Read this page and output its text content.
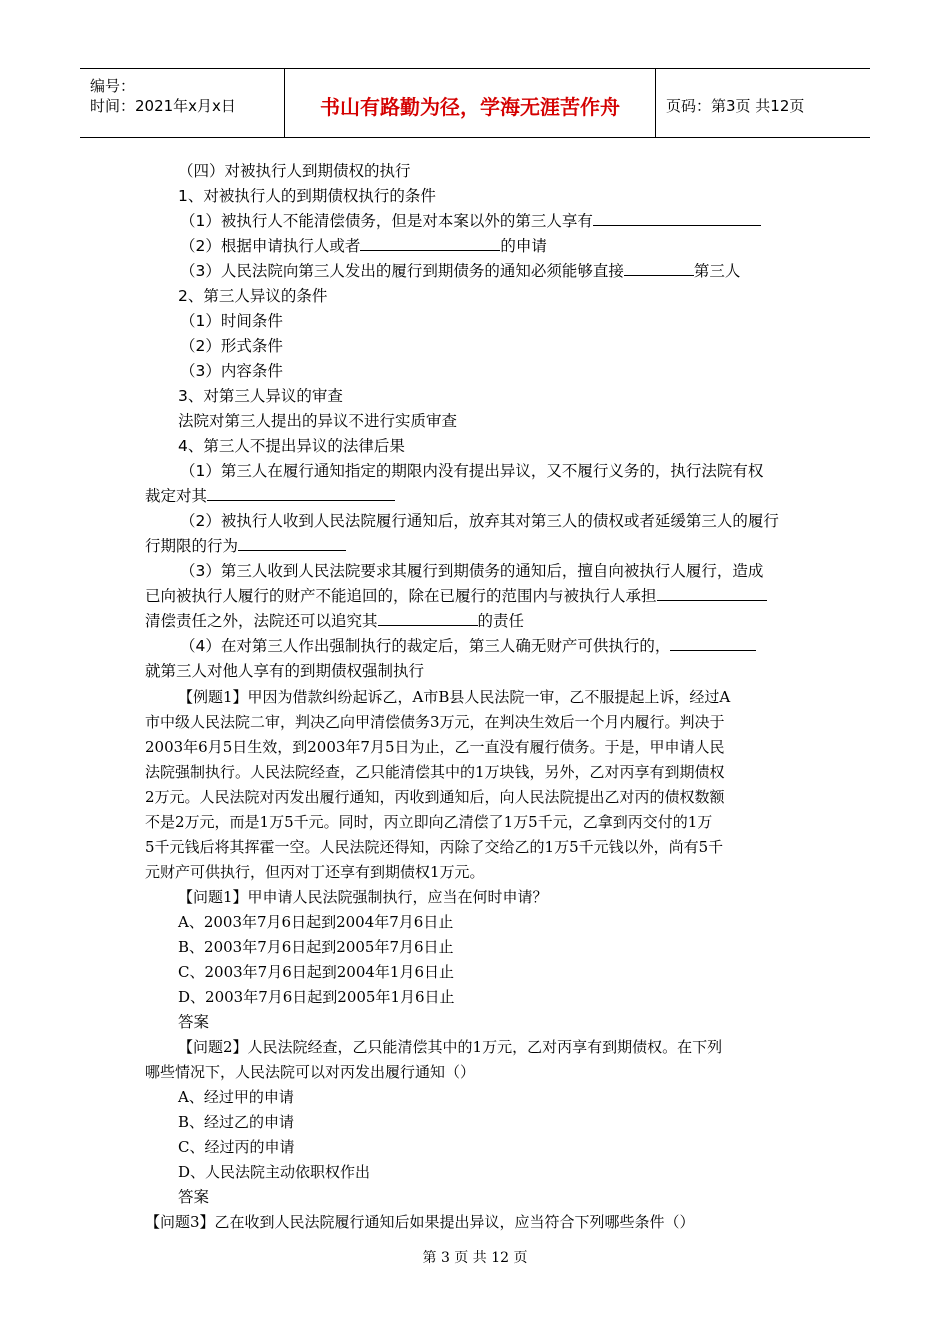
编号：
时间：2021年x月x日	书山有路勤为径，学海无涯苦作舟	页码：第3页 共12页
（四）对被执行人到期债权的执行
1、对被执行人的到期债权执行的条件
（1）被执行人不能清偿债务，但是对本案以外的第三人享有
（2）根据申请执行人或者	的申请
（3）人民法院向第三人发出的履行到期债务的通知必须能够直接	第三人
2、第三人异议的条件
（1）时间条件
（2）形式条件
（3）内容条件
3、对第三人异议的审查
法院对第三人提出的异议不进行实质审查
4、第三人不提出异议的法律后果
（1）第三人在履行通知指定的期限内没有提出异议，又不履行义务的，执行法院有权
裁定对其
（2）被执行人收到人民法院履行通知后，放弃其对第三人的债权或者延缓第三人的履行
行期限的行为
（3）第三人收到人民法院要求其履行到期债务的通知后，擅自向被执行人履行，造成
已向被执行人履行的财产不能追回的，除在已履行的范围内与被执行人承担
清偿责任之外，法院还可以追究其	的责任
（4）在对第三人作出强制执行的裁定后，第三人确无财产可供执行的，
就第三人对他人享有的到期债权强制执行
【例题1】甲因为借款纠纷起诉乙，A市B县人民法院一审，乙不服提起上诉，经过A
市中级人民法院二审，判决乙向甲清偿债务3万元，在判决生效后一个月内履行。判决于
2003年6月5日生效，到2003年7月5日为止，乙一直没有履行债务。于是，甲申请人民
法院强制执行。人民法院经查，乙只能清偿其中的1万块钱，另外，乙对丙享有到期债权
2万元。人民法院对丙发出履行通知，丙收到通知后，向人民法院提出乙对丙的债权数额
不是2万元，而是1万5千元。同时，丙立即向乙清偿了1万5千元，乙拿到丙交付的1万
5千元钱后将其挥霍一空。人民法院还得知，丙除了交给乙的1万5千元钱以外，尚有5千
元财产可供执行，但丙对丁还享有到期债权1万元。
【问题1】甲申请人民法院强制执行，应当在何时申请？
A、2003年7月6日起到2004年7月6日止
B、2003年7月6日起到2005年7月6日止
C、2003年7月6日起到2004年1月6日止
D、2003年7月6日起到2005年1月6日止
答案
【问题2】人民法院经查，乙只能清偿其中的1万元，乙对丙享有到期债权。在下列
哪些情况下，人民法院可以对丙发出履行通知（）
A、经过甲的申请
B、经过乙的申请
C、经过丙的申请
D、人民法院主动依职权作出
答案
【问题3】乙在收到人民法院履行通知后如果提出异议，应当符合下列哪些条件（）
第 3 页 共 12 页
